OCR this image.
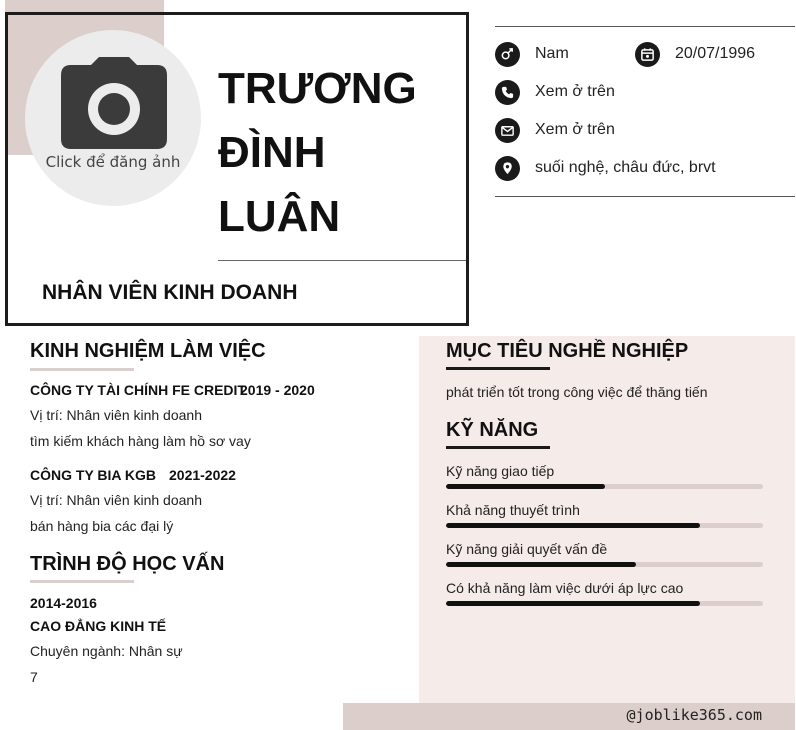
Click để đăng ảnh
TRƯƠNG
ĐÌNH
LUÂN
NHÂN VIÊN KINH DOANH
Nam	20/07/1996
Xem ở trên
Xem ở trên
suối nghệ, châu đức, brvt
KINH NGHIỆM LÀM VIỆC
CÔNG TY TÀI CHÍNH FE CREDIT
2019 - 2020
Vị trí: Nhân viên kinh doanh
tìm kiếm khách hàng làm hồ sơ vay
CÔNG TY BIA KGB 2021-2022
Vị trí: Nhân viên kinh doanh
bán hàng bia các đại lý
TRÌNH ĐỘ HỌC VẤN
2014-2016
CAO ĐẲNG KINH TẾ
Chuyên ngành: Nhân sự
7
MỤC TIÊU NGHỀ NGHIỆP
phát triển tốt trong công việc để thăng tiến
KỸ NĂNG
Kỹ năng giao tiếp
Khả năng thuyết trình
Kỹ năng giải quyết vấn đề
Có khả năng làm việc dưới áp lực cao
@joblike365.com
